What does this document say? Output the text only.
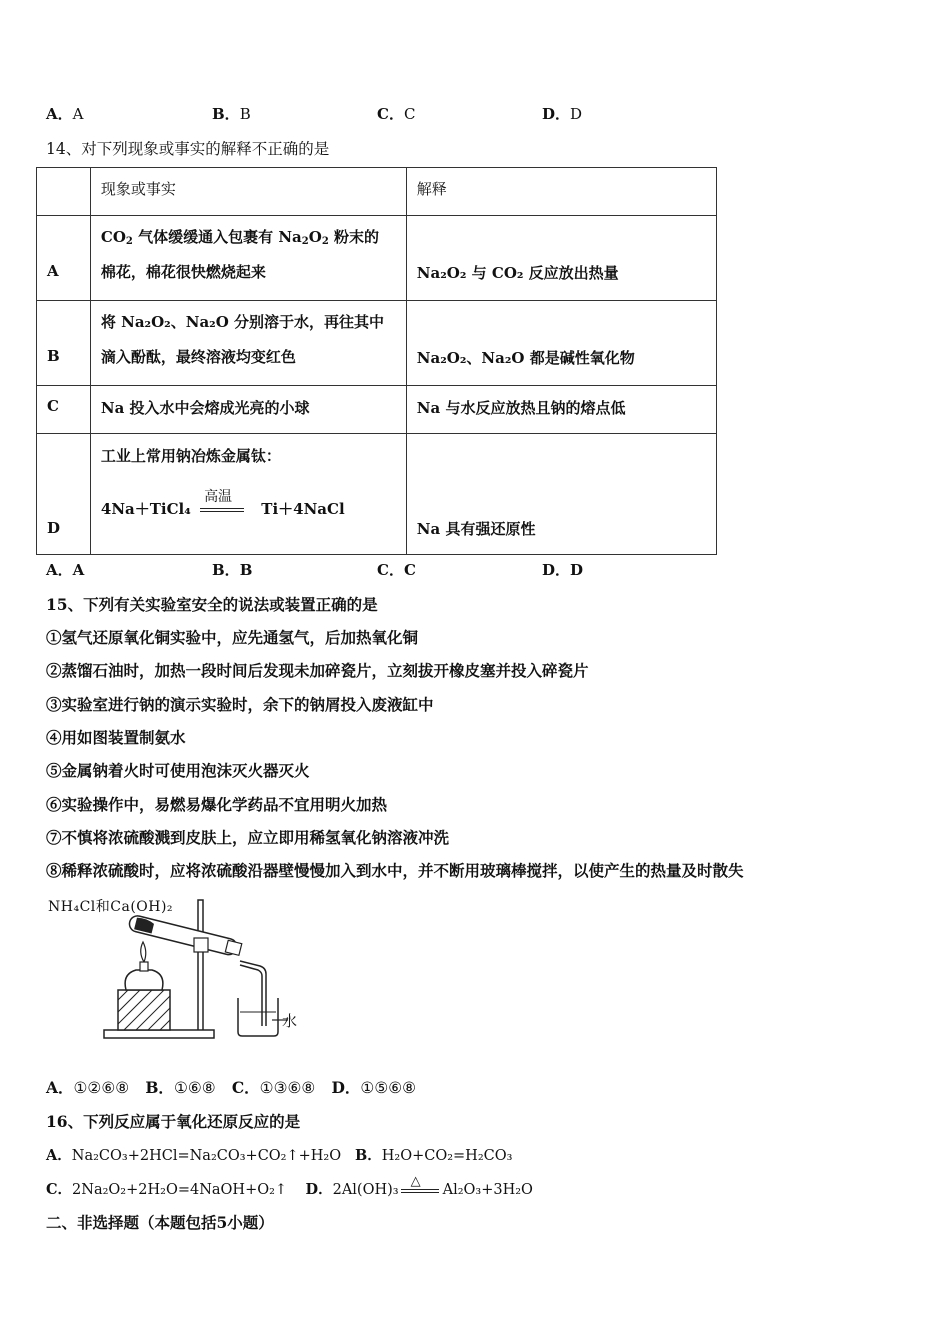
A．A	B．B	C．C	D．D
14、对下列现象或事实的解释不正确的是

	现象或事实	解释

A	$CO_2$ 气体缓缓通入包裹有 $Na_2O_2$ 粉末的
棉花，棉花很快燃烧起来	Na₂O₂ 与 CO₂ 反应放出热量

B	将 Na₂O₂、Na₂O 分别溶于水，再往其中
滴入酚酞，最终溶液均变红色	Na₂O₂、Na₂O 都是碱性氧化物

C	Na 投入水中会熔成光亮的小球	Na 与水反应放热且钠的熔点低

D	工业上常用钠冶炼金属钛：
4Na＋TiCl₄
高温
Ti＋4NaCl	Na 具有强还原性
A．A	B．B	C．C	D．D
15、下列有关实验室安全的说法或装置正确的是
①氢气还原氧化铜实验中，应先通氢气，后加热氧化铜
②蒸馏石油时，加热一段时间后发现未加碎瓷片，立刻拔开橡皮塞并投入碎瓷片
③实验室进行钠的演示实验时，余下的钠屑投入废液缸中
④用如图装置制氨水
⑤金属钠着火时可使用泡沫灭火器灭火
⑥实验操作中，易燃易爆化学药品不宜用明火加热
⑦不慎将浓硫酸溅到皮肤上，应立即用稀氢氧化钠溶液冲洗
⑧稀释浓硫酸时，应将浓硫酸沿器壁慢慢加入到水中，并不断用玻璃棒搅拌，以使产生的热量及时散失
NH₄Cl和Ca(OH)₂
水
A．①②⑥⑧ B．①⑥⑧ C．①③⑥⑧ D．①⑤⑥⑧
16、下列反应属于氧化还原反应的是
A．Na₂CO₃+2HCl=Na₂CO₃+CO₂↑+H₂O B．H₂O+CO₂=H₂CO₃
C．2Na₂O₂+2H₂O=4NaOH+O₂↑ D．2Al(OH)₃
△
Al₂O₃+3H₂O
二、非选择题（本题包括5小题）
